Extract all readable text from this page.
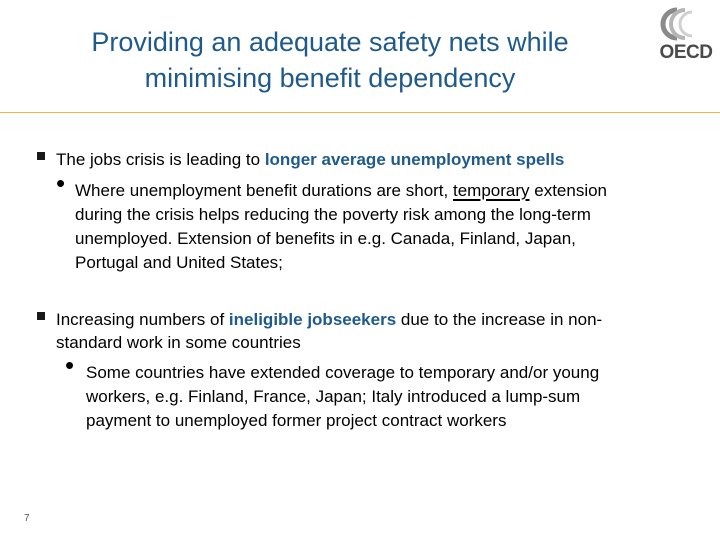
Providing an adequate safety nets while
minimising benefit dependency
OECD
The jobs crisis is leading to longer average unemployment spells
• Where unemployment benefit durations are short, temporary extension
during the crisis helps reducing the poverty risk among the long-term
unemployed. Extension of benefits in e.g. Canada, Finland, Japan,
Portugal and United States;
Increasing numbers of ineligible jobseekers due to the increase in non-
standard work in some countries
• Some countries have extended coverage to temporary and/or young
workers, e.g. Finland, France, Japan; Italy introduced a lump-sum
payment to unemployed former project contract workers
7
